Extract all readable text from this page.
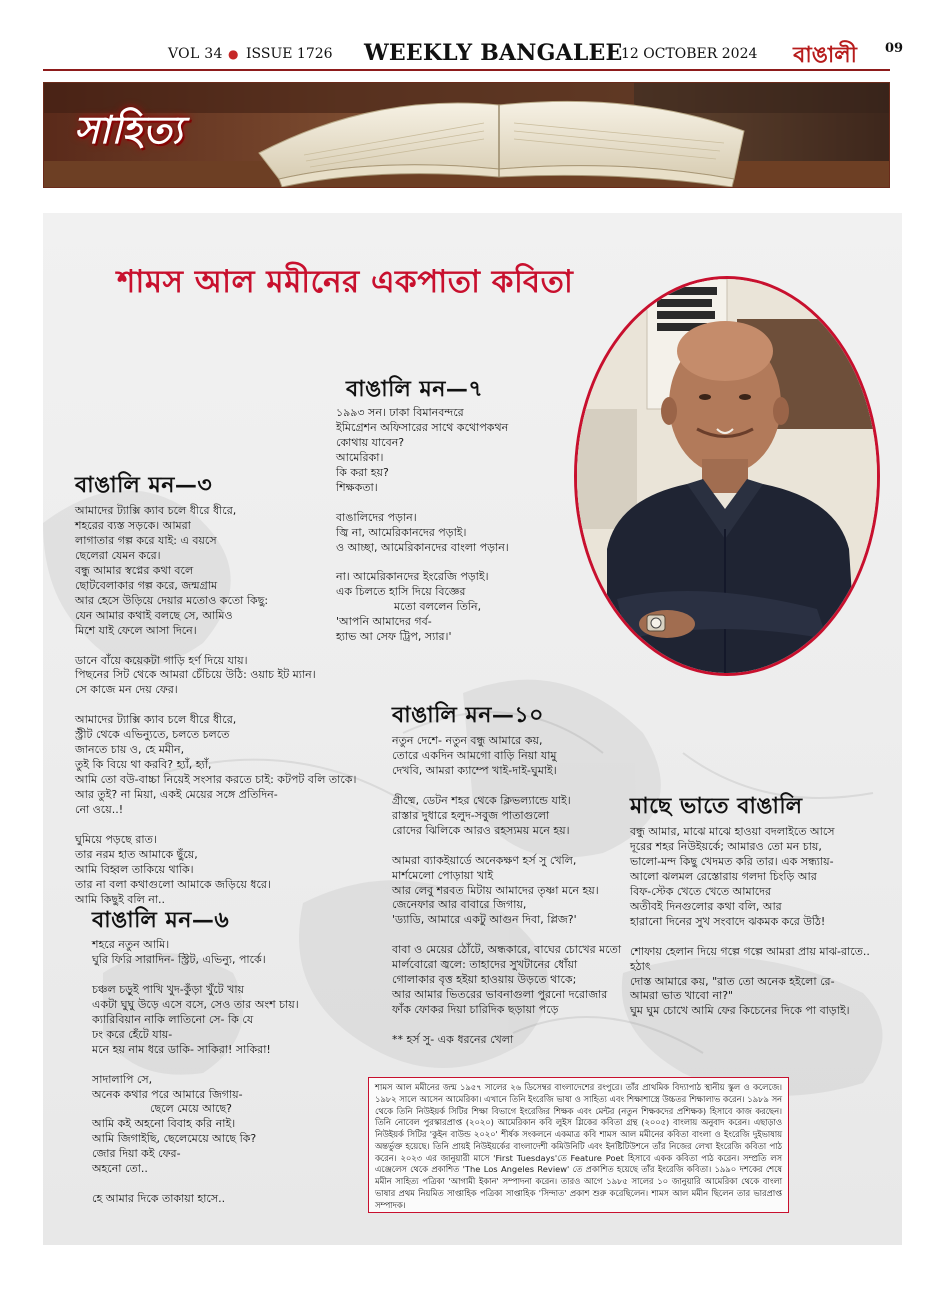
VOL 34 ● ISSUE 1726 WEEKLY BANGALEE
12 OCTOBER 2024 বাঙালী 09
সাহিত্য
শামস আল মমীনের একপাতা কবিতা
বাঙালি মন—৭
১৯৯৩ সন। ঢাকা বিমানবন্দরে
ইমিগ্রেশন অফিসারের সাথে কথোপকথন
কোথায় যাবেন?
আমেরিকা।
কি করা হয়?
শিক্ষকতা।

বাঙালিদের পড়ান।
জ্বি না, আমেরিকানদের পড়াই।
ও আচ্ছা, আমেরিকানদের বাংলা পড়ান।

না। আমেরিকানদের ইংরেজি পড়াই।
এক চিলতে হাসি দিয়ে বিজ্ঞের

মতো বললেন তিনি,
'আপনি আমাদের গর্ব-
হ্যাভ আ সেফ ট্রিপ, স্যার।'
বাঙালি মন—৩
আমাদের ট্যাক্সি ক্যাব চলে ধীরে ধীরে,
শহরের ব্যস্ত সড়কে। আমরা
লাগাতার গল্প করে যাই: এ বয়সে
ছেলেরা যেমন করে।
বন্ধু আমার স্বপ্নের কথা বলে
ছোটবেলাকার গল্প করে, জন্মগ্রাম
আর হেসে উড়িয়ে দেয়ার মতোও কতো কিছু:
যেন আমার কথাই বলছে সে, আমিও
মিশে যাই ফেলে আসা দিনে।

ডানে বাঁয়ে কয়েকটা গাড়ি হর্ণ দিয়ে যায়।
পিছনের সিট থেকে আমরা চেঁচিয়ে উঠি: ওয়াচ ইট ম্যান।
সে কাজে মন দেয় ফের।

আমাদের ট্যাক্সি ক্যাব চলে ধীরে ধীরে,
স্ট্রীট থেকে এভিন্যুতে, চলতে চলতে
জানতে চায় ও, হে মমীন,
তুই কি বিয়ে থা করবি? হ্যাঁ, হ্যাঁ,
আমি তো বউ-বাচ্চা নিয়েই সংসার করতে চাই: কটপট বলি তাকে।
আর তুই? না মিয়া, একই মেয়ের সঙ্গে প্রতিদিন-
নো ওয়ে..!

ঘুমিয়ে পড়ছে রাত।
তার নরম হাত আমাকে ছুঁয়ে,
আমি বিহ্বল তাকিয়ে থাকি।
তার না বলা কথাগুলো আমাকে জড়িয়ে ধরে।
আমি কিছুই বলি না..
বাঙালি মন—১০
নতুন দেশে- নতুন বন্ধু আমারে কয়,
তোরে একদিন আমগো বাড়ি নিয়া যামু
দেখবি, আমরা ক্যাম্পে খাই-দাই-ঘুমাই।

গ্রীষ্মে, ডেটন শহর থেকে ক্লিভল্যান্ডে যাই।
রাস্তার দুধারে হলুদ-সবুজ পাতাগুলো
রোদের ঝিলিকে আরও রহস্যময় মনে হয়।

আমরা ব্যাকইয়ার্ডে অনেকক্ষণ হর্স সু খেলি,
মার্শমেলো পোড়ায়া খাই
আর লেবু শরবত মিটায় আমাদের তৃষ্ণা মনে হয়।
জেনেফার আর বাবারে জিগায়,
'ড্যাডি, আমারে একটু আগুন দিবা, প্লিজ?'

বাবা ও মেয়ের ঠোঁটে, অন্ধকারে, বাঘের চোখের মতো
মার্লবোরো জ্বলে: তাহাদের সুখটানের ধোঁয়া
গোলাকার বৃত্ত হইয়া হাওয়ায় উড়তে থাকে;
আর আমার ভিতরের ভাবনাগুলা পুরনো দরোজার
ফাঁক ফোকর দিয়া চারিদিক ছড়ায়া পড়ে

** হর্স সু- এক ধরনের খেলা
বাঙালি মন—৬
শহরে নতুন আমি।
ঘুরি ফিরি সারাদিন- স্ট্রিট, এভিন্যু, পার্কে।

চঞ্চল চড়ুই পাখি খুদ-কুঁড়া খুঁটে খায়
একটা ঘুঘু উড়ে এসে বসে, সেও তার অংশ চায়।
ক্যারিবিয়ান নাকি লাতিনো সে- কি যে
ঢং করে হেঁটে যায়-
মনে হয় নাম ধরে ডাকি- সাকিরা! সাকিরা!

সাদালাপি সে,
অনেক কথার পরে আমারে জিগায়-

ছেলে মেয়ে আছে?
আমি কই অহনো বিবাহ করি নাই।
আমি জিগাইছি, ছেলেমেয়ে আছে কি?
জোর দিয়া কই ফের-
অহনো তো..

হে আমার দিকে তাকায়া হাসে..
মাছে ভাতে বাঙালি
বন্ধু আমার, মাঝে মাঝে হাওয়া বদলাইতে আসে
দূরের শহর নিউইয়র্কে; আমারও তো মন চায়,
ভালো-মন্দ কিছু খেদমত করি তার। এক সন্ধ্যায়-
আলো ঝলমল রেস্তোরায় গলদা চিংড়ি আর
বিফ-স্টেক খেতে খেতে আমাদের
অতীবই দিনগুলোর কথা বলি, আর
হারানো দিনের সুখ সংবাদে ঝকমক করে উঠি!

শোফায় হেলান দিয়ে গল্পে গল্পে আমরা প্রায় মাঝ-রাতে.. হঠাৎ
দোস্ত আমারে কয়, "রাত তো অনেক হইলো রে-
আমরা ভাত খাবো না?"
ঘুম ঘুম চোখে আমি ফের কিচেনের দিকে পা বাড়াই।

শামস আল মমীনের জন্ম ১৯৫৭ সালের ২৬ ডিসেম্বর বাংলাদেশের রংপুরে। তাঁর প্রাথমিক বিদ্যাপাঠ স্থানীয় স্কুল ও কলেজে। ১৯৮২ সালে আসেন আমেরিকা। এখানে তিনি ইংরেজি ভাষা ও সাহিত্য এবং শিক্ষাশাস্ত্রে উচ্চতর শিক্ষালাভ করেন। ১৯৮৯ সন থেকে তিনি নিউইয়র্ক সিটির শিক্ষা বিভাগে ইংরেজির শিক্ষক এবং মেন্টর (নতুন শিক্ষকদের প্রশিক্ষক) হিসাবে কাজ করছেন। তিনি নোবেল পুরস্কারপ্রাপ্ত (২০২০) আমেরিকান কবি লুইস গ্লিকের কবিতা গ্রন্থ (২০০৫) বাংলায় অনুবাদ করেন। এছাড়াও নিউইয়র্ক সিটির 'কুইন বাউন্ড ২০২০' শীর্ষক সংকলনে একমাত্র কবি শামস আল মমীনের কবিতা বাংলা ও ইংরেজি দুইভাষায় অন্তর্ভুক্ত হয়েছে। তিনি প্রায়ই নিউইয়র্কের বাংলাদেশী কমিউনিটি এবং ইনষ্টিটিউশনে তাঁর নিজের লেখা ইংরেজি কবিতা পাঠ করেন। ২০২৩ এর জানুয়ারী মাসে 'First Tuesdays'তে Feature Poet হিসাবে একক কবিতা পাঠ করেন। সম্প্রতি লস এঞ্জেলেস থেকে প্রকাশিত 'The Los Angeles Review' তে প্রকাশিত হয়েছে তাঁর ইংরেজি কবিতা। ১৯৯০ দশকের শেষে মমীন সাহিত্য পত্রিকা 'আগামী ইকান' সম্পাদনা করেন। তারও আগে ১৯৮৫ সালের ১০ জানুয়ারি আমেরিকা থেকে বাংলা ভাষার প্রথম নিয়মিত সাপ্তাহিক পত্রিকা সাপ্তাহিক 'সিন্দাত' প্রকাশ শুরু করেছিলেন। শামস আল মমীন ছিলেন তার ভারপ্রাপ্ত সম্পাদক।
